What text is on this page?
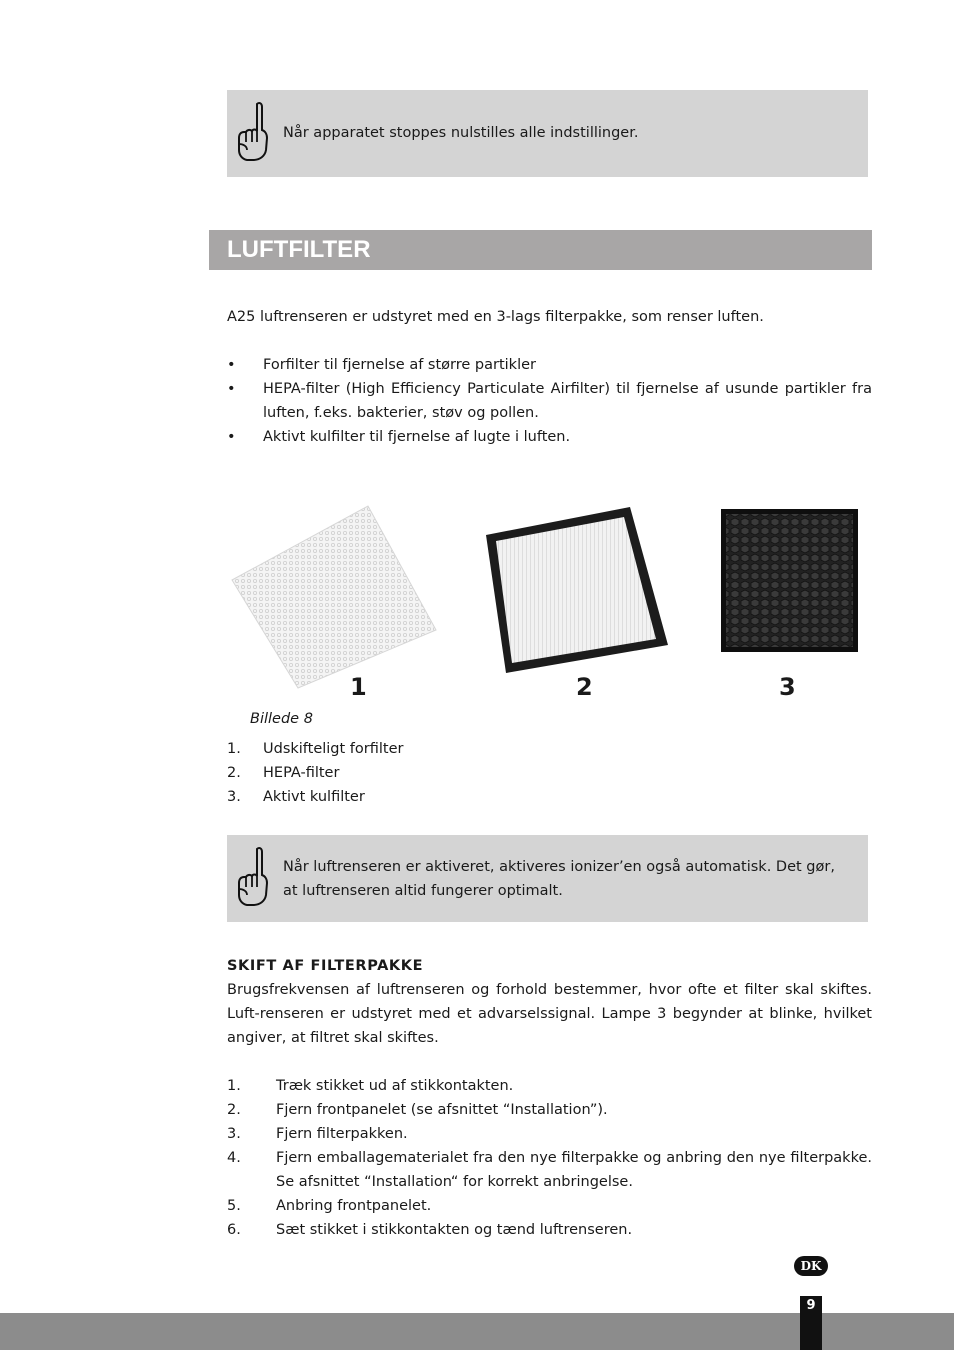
Når apparatet stoppes nulstilles alle indstillinger.
LUFTFILTER

A25 luftrenseren er udstyret med en 3-lags filterpakke, som renser luften.

• Forfilter til fjernelse af større partikler
• HEPA-filter (High Efficiency Particulate Airfilter) til fjernelse af usunde partikler fra luften, f.eks. bakterier, støv og pollen.
• Aktivt kulfilter til fjernelse af lugte i luften.
1	2	3
Billede 8
1. Udskifteligt forfilter
2. HEPA-filter
3. Aktivt kulfilter
Når luftrenseren er aktiveret, aktiveres ionizer’en også automatisk. Det gør, at luftrenseren altid fungerer optimalt.
SKIFT AF FILTERPAKKE

Brugsfrekvensen af luftrenseren og forhold bestemmer, hvor ofte et filter skal skiftes. Luft-renseren er udstyret med et advarselssignal. Lampe 3 begynder at blinke, hvilket angiver, at filtret skal skiftes.

1. Træk stikket ud af stikkontakten.
2. Fjern frontpanelet (se afsnittet “Installation”).
3. Fjern filterpakken.
4. Fjern emballagematerialet fra den nye filterpakke og anbring den nye filterpakke. Se afsnittet “Installation“ for korrekt anbringelse.
5. Anbring frontpanelet.
6. Sæt stikket i stikkontakten og tænd luftrenseren.
DK
9
